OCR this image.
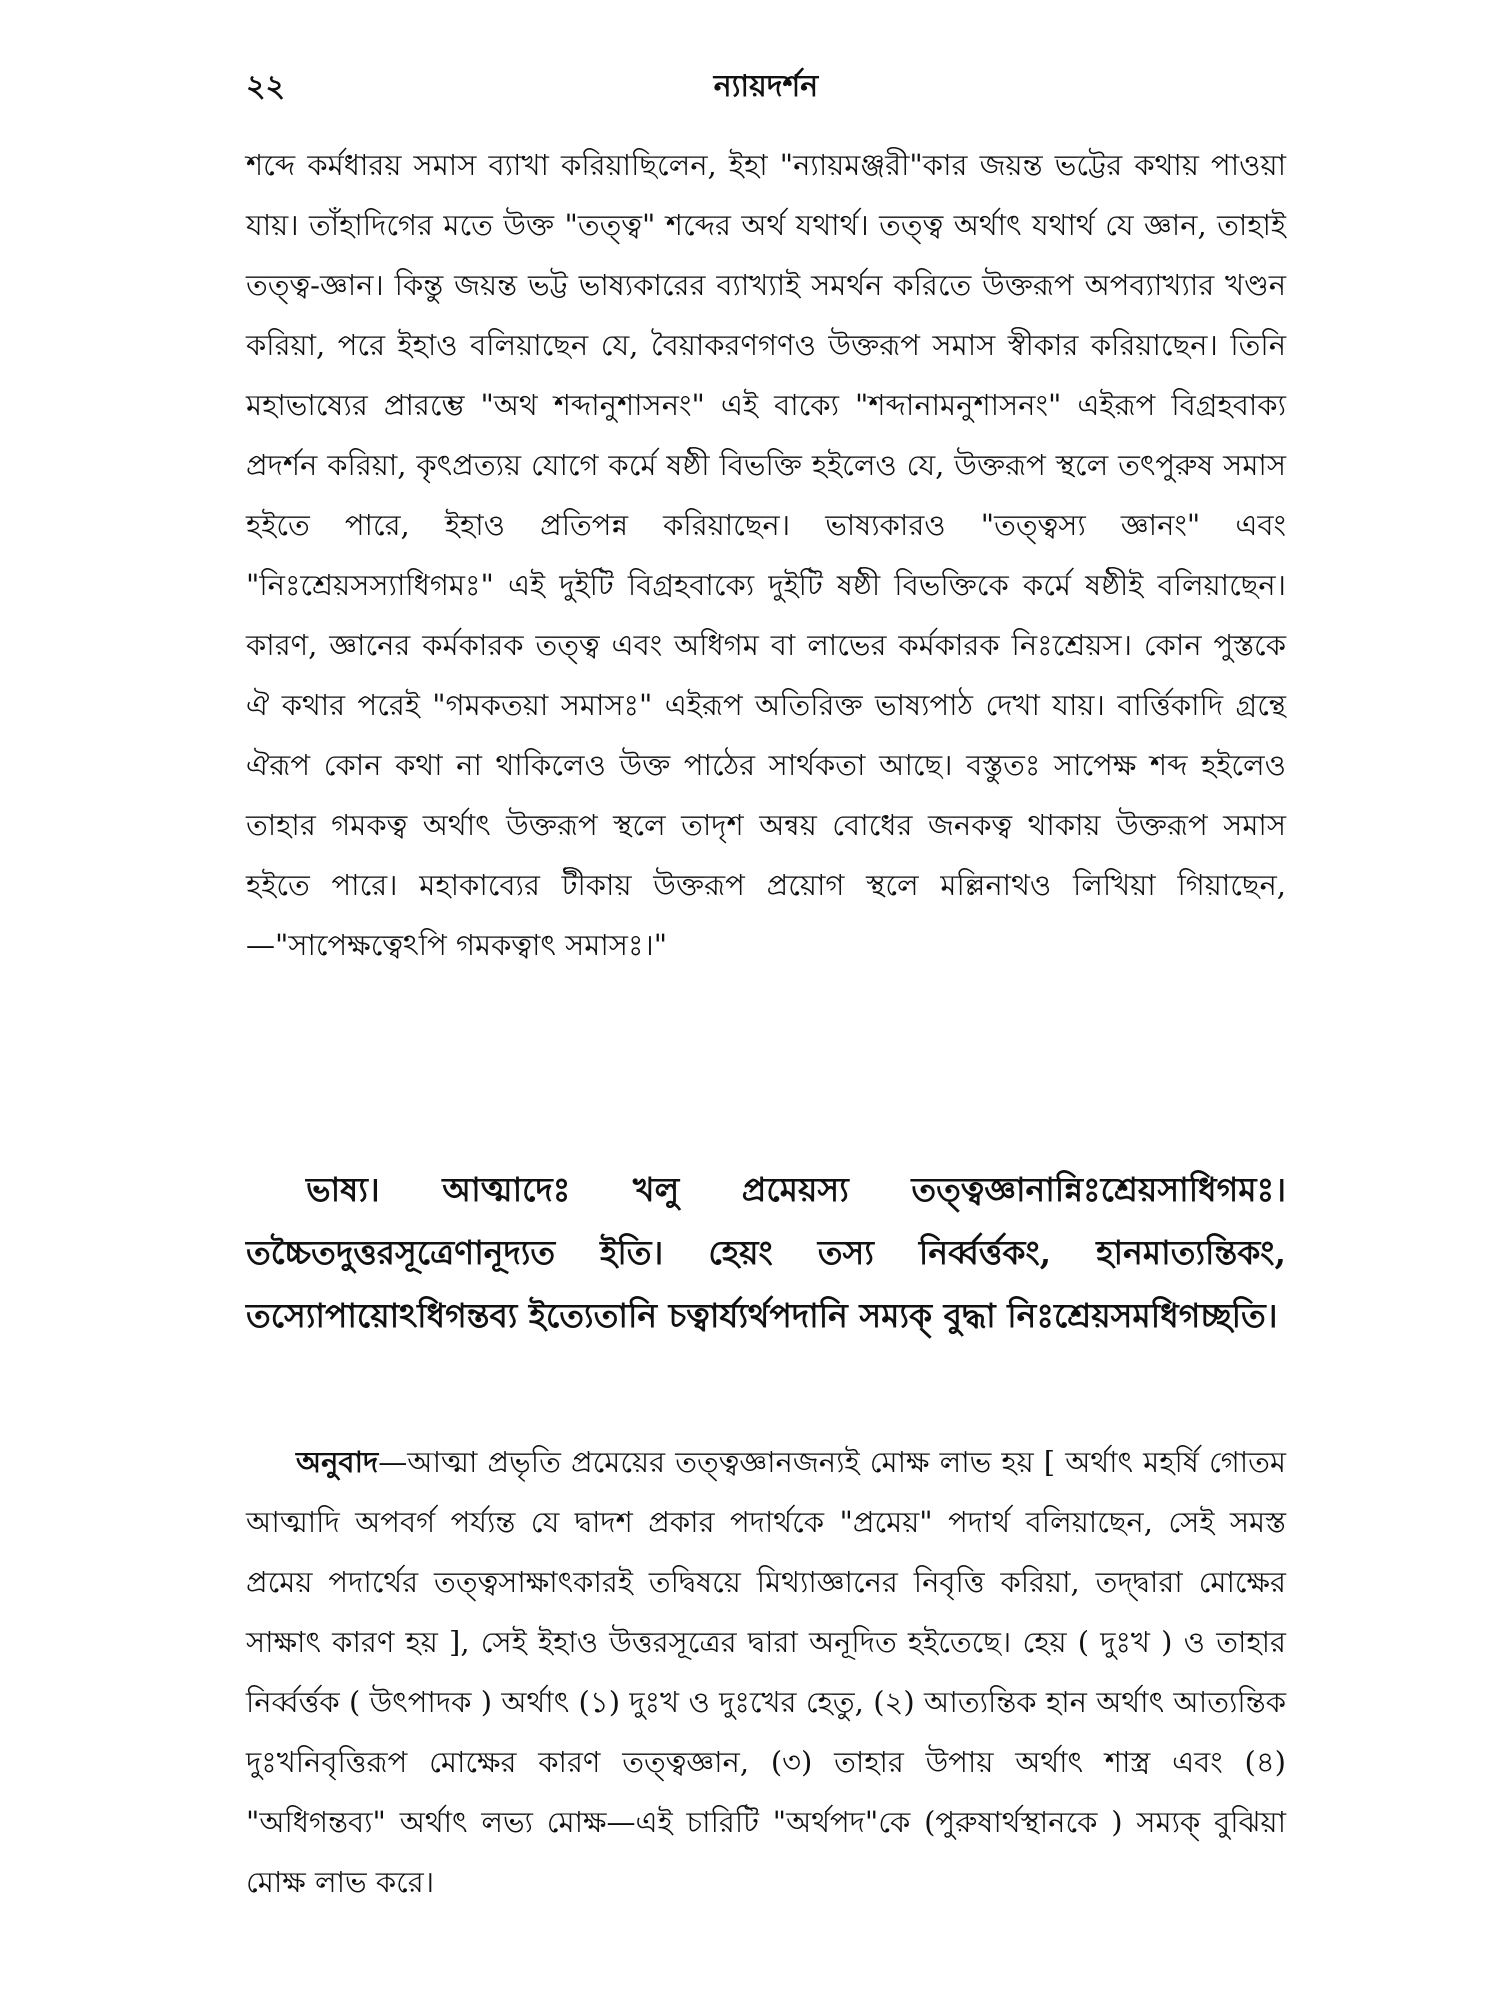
২২	ন্যায়দর্শন

শব্দে কর্মধারয় সমাস ব্যাখা করিয়াছিলেন, ইহা "ন্যায়মঞ্জরী"কার জয়ন্ত ভট্টের কথায় পাওয়া যায়। তাঁহাদিগের মতে উক্ত "তত্ত্ব" শব্দের অর্থ যথার্থ। তত্ত্ব অর্থাৎ যথার্থ যে জ্ঞান, তাহাই তত্ত্ব-জ্ঞান। কিন্তু জয়ন্ত ভট্ট ভাষ্যকারের ব্যাখ্যাই সমর্থন করিতে উক্তরূপ অপব্যাখ্যার খণ্ডন করিয়া, পরে ইহাও বলিয়াছেন যে, বৈয়াকরণগণও উক্তরূপ সমাস স্বীকার করিয়াছেন। তিনি মহাভাষ্যের প্রারম্ভে "অথ শব্দানুশাসনং" এই বাক্যে "শব্দানামনুশাসনং" এইরূপ বিগ্রহবাক্য প্রদর্শন করিয়া, কৃৎপ্রত্যয় যোগে কর্মে ষষ্ঠী বিভক্তি হইলেও যে, উক্তরূপ স্থলে তৎপুরুষ সমাস হইতে পারে, ইহাও প্রতিপন্ন করিয়াছেন। ভাষ্যকারও "তত্ত্বস্য জ্ঞানং" এবং "নিঃশ্রেয়সস্যাধিগমঃ" এই দুইটি বিগ্রহবাক্যে দুইটি ষষ্ঠী বিভক্তিকে কর্মে ষষ্ঠীই বলিয়াছেন। কারণ, জ্ঞানের কর্মকারক তত্ত্ব এবং অধিগম বা লাভের কর্মকারক নিঃশ্রেয়স। কোন পুস্তকে ঐ কথার পরেই "গমকতয়া সমাসঃ" এইরূপ অতিরিক্ত ভাষ্যপাঠ দেখা যায়। বার্ত্তিকাদি গ্রন্থে ঐরূপ কোন কথা না থাকিলেও উক্ত পাঠের সার্থকতা আছে। বস্তুতঃ সাপেক্ষ শব্দ হইলেও তাহার গমকত্ব অর্থাৎ উক্তরূপ স্থলে তাদৃশ অন্বয় বোধের জনকত্ব থাকায় উক্তরূপ সমাস হইতে পারে। মহাকাব্যের টীকায় উক্তরূপ প্রয়োগ স্থলে মল্লিনাথও লিখিয়া গিয়াছেন,—"সাপেক্ষত্বেঽপি গমকত্বাৎ সমাসঃ।"

ভাষ্য। আত্মাদেঃ খলু প্রমেয়স্য তত্ত্বজ্ঞানান্নিঃশ্রেয়সাধিগমঃ। তচ্চৈতদুত্তরসূত্রেণানূদ্যত ইতি। হেয়ং তস্য নির্ব্বর্ত্তকং, হানমাত্যন্তিকং, তস্যোপায়োঽধিগন্তব্য ইত্যেতানি চত্বার্য্যর্থপদানি সম্যক্ বুদ্ধা নিঃশ্রেয়সমধিগচ্ছতি।

অনুবাদ—আত্মা প্রভৃতি প্রমেয়ের তত্ত্বজ্ঞানজন্যই মোক্ষ লাভ হয় [ অর্থাৎ মহর্ষি গোতম আত্মাদি অপবর্গ পর্য্যন্ত যে দ্বাদশ প্রকার পদার্থকে "প্রমেয়" পদার্থ বলিয়াছেন, সেই সমস্ত প্রমেয় পদার্থের তত্ত্বসাক্ষাৎকারই তদ্বিষয়ে মিথ্যাজ্ঞানের নিবৃত্তি করিয়া, তদ্দ্বারা মোক্ষের সাক্ষাৎ কারণ হয় ], সেই ইহাও উত্তরসূত্রের দ্বারা অনূদিত হইতেছে। হেয় ( দুঃখ ) ও তাহার নির্ব্বর্ত্তক ( উৎপাদক ) অর্থাৎ (১) দুঃখ ও দুঃখের হেতু, (২) আত্যন্তিক হান অর্থাৎ আত্যন্তিক দুঃখনিবৃত্তিরূপ মোক্ষের কারণ তত্ত্বজ্ঞান, (৩) তাহার উপায় অর্থাৎ শাস্ত্র এবং (৪) "অধিগন্তব্য" অর্থাৎ লভ্য মোক্ষ—এই চারিটি "অর্থপদ"কে (পুরুষার্থস্থানকে ) সম্যক্ বুঝিয়া মোক্ষ লাভ করে।
